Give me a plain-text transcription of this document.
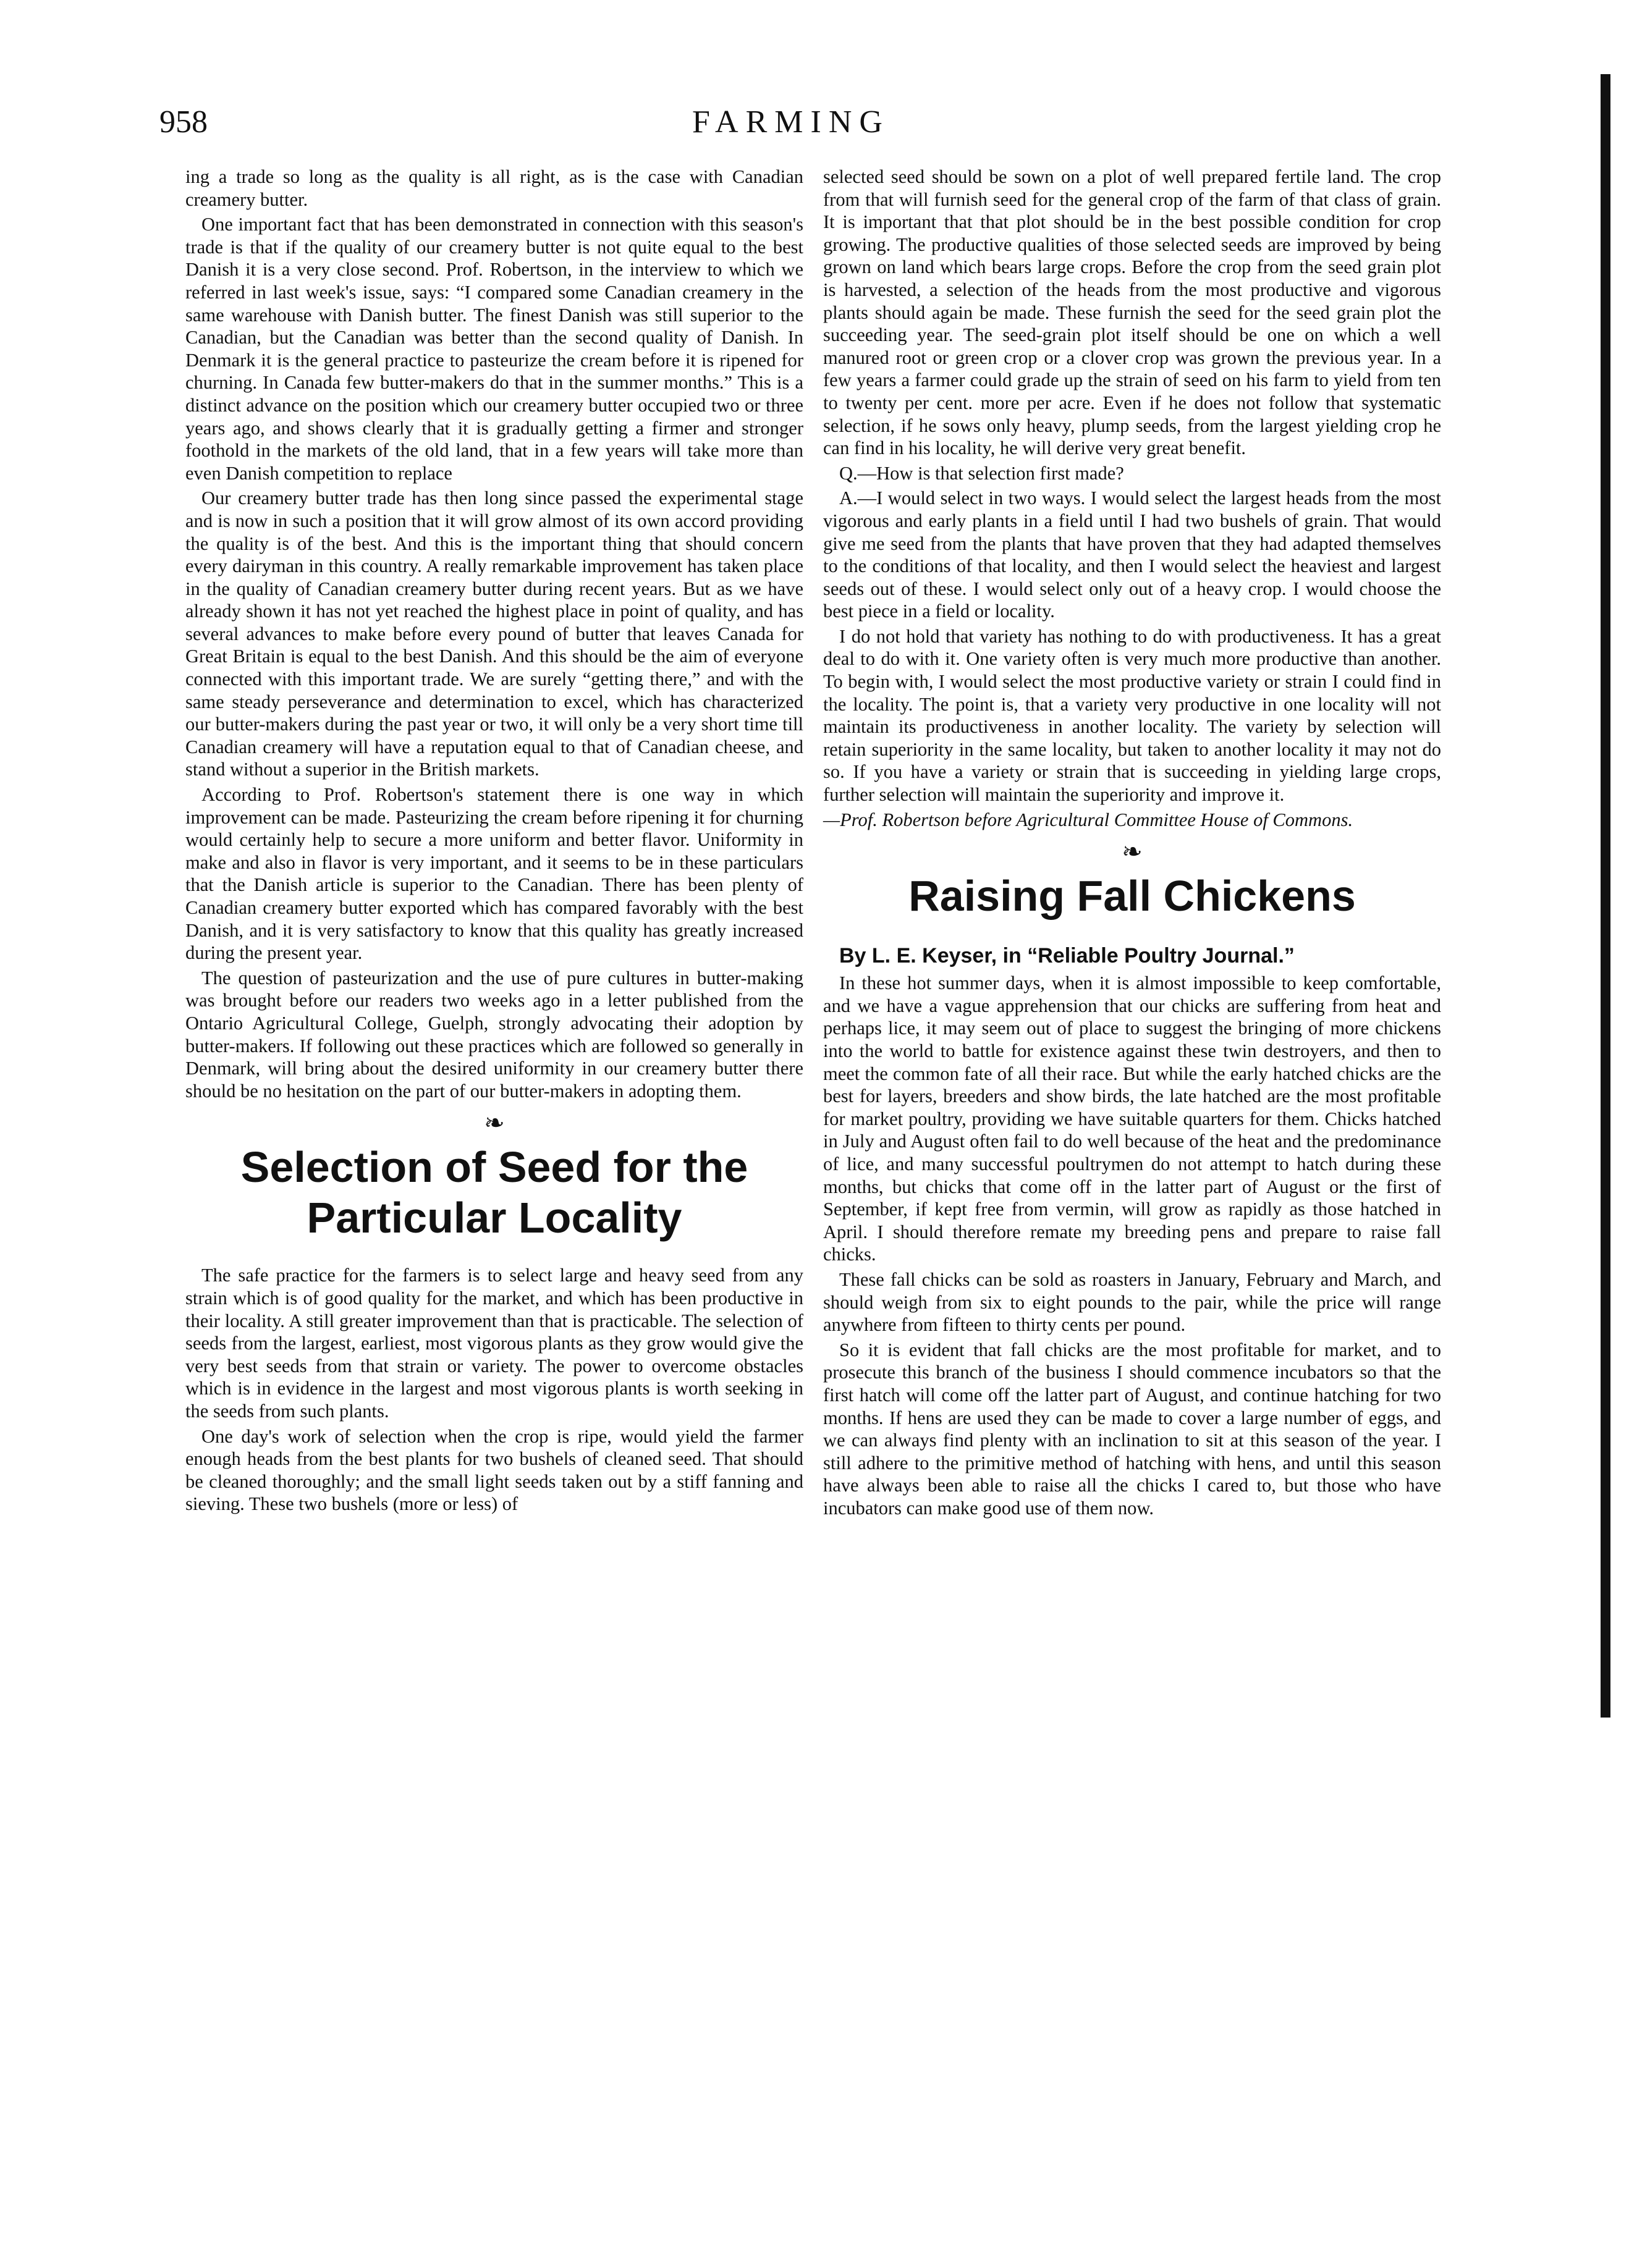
958	FARMING

ing a trade so long as the quality is all right, as is the case with Canadian creamery butter.

One important fact that has been demonstrated in connection with this season's trade is that if the quality of our creamery butter is not quite equal to the best Danish it is a very close second. Prof. Robertson, in the interview to which we referred in last week's issue, says: “I compared some Canadian creamery in the same warehouse with Danish butter. The finest Danish was still superior to the Canadian, but the Canadian was better than the second quality of Danish. In Denmark it is the general practice to pasteurize the cream before it is ripened for churning. In Canada few butter-makers do that in the summer months.” This is a distinct advance on the position which our creamery butter occupied two or three years ago, and shows clearly that it is gradually getting a firmer and stronger foothold in the markets of the old land, that in a few years will take more than even Danish competition to replace

Our creamery butter trade has then long since passed the experimental stage and is now in such a position that it will grow almost of its own accord providing the quality is of the best. And this is the important thing that should concern every dairyman in this country. A really remarkable improvement has taken place in the quality of Canadian creamery butter during recent years. But as we have already shown it has not yet reached the highest place in point of quality, and has several advances to make before every pound of butter that leaves Canada for Great Britain is equal to the best Danish. And this should be the aim of everyone connected with this important trade. We are surely “getting there,” and with the same steady perseverance and determination to excel, which has characterized our butter-makers during the past year or two, it will only be a very short time till Canadian creamery will have a reputation equal to that of Canadian cheese, and stand without a superior in the British markets.

According to Prof. Robertson's statement there is one way in which improvement can be made. Pasteurizing the cream before ripening it for churning would certainly help to secure a more uniform and better flavor. Uniformity in make and also in flavor is very important, and it seems to be in these particulars that the Danish article is superior to the Canadian. There has been plenty of Canadian creamery butter exported which has compared favorably with the best Danish, and it is very satisfactory to know that this quality has greatly increased during the present year.

The question of pasteurization and the use of pure cultures in butter-making was brought before our readers two weeks ago in a letter published from the Ontario Agricultural College, Guelph, strongly advocating their adoption by butter-makers. If following out these practices which are followed so generally in Denmark, will bring about the desired uniformity in our creamery butter there should be no hesitation on the part of our butter-makers in adopting them.

❧
Selection of Seed for the Particular Locality

The safe practice for the farmers is to select large and heavy seed from any strain which is of good quality for the market, and which has been productive in their locality. A still greater improvement than that is practicable. The selection of seeds from the largest, earliest, most vigorous plants as they grow would give the very best seeds from that strain or variety. The power to overcome obstacles which is in evidence in the largest and most vigorous plants is worth seeking in the seeds from such plants.

One day's work of selection when the crop is ripe, would yield the farmer enough heads from the best plants for two bushels of cleaned seed. That should be cleaned thoroughly; and the small light seeds taken out by a stiff fanning and sieving. These two bushels (more or less) of

selected seed should be sown on a plot of well prepared fertile land. The crop from that will furnish seed for the general crop of the farm of that class of grain. It is important that that plot should be in the best possible condition for crop growing. The productive qualities of those selected seeds are improved by being grown on land which bears large crops. Before the crop from the seed grain plot is harvested, a selection of the heads from the most productive and vigorous plants should again be made. These furnish the seed for the seed grain plot the succeeding year. The seed-grain plot itself should be one on which a well manured root or green crop or a clover crop was grown the previous year. In a few years a farmer could grade up the strain of seed on his farm to yield from ten to twenty per cent. more per acre. Even if he does not follow that systematic selection, if he sows only heavy, plump seeds, from the largest yielding crop he can find in his locality, he will derive very great benefit.

Q.—How is that selection first made?

A.—I would select in two ways. I would select the largest heads from the most vigorous and early plants in a field until I had two bushels of grain. That would give me seed from the plants that have proven that they had adapted themselves to the conditions of that locality, and then I would select the heaviest and largest seeds out of these. I would select only out of a heavy crop. I would choose the best piece in a field or locality.

I do not hold that variety has nothing to do with productiveness. It has a great deal to do with it. One variety often is very much more productive than another. To begin with, I would select the most productive variety or strain I could find in the locality. The point is, that a variety very productive in one locality will not maintain its productiveness in another locality. The variety by selection will retain superiority in the same locality, but taken to another locality it may not do so. If you have a variety or strain that is succeeding in yielding large crops, further selection will maintain the superiority and improve it.

—Prof. Robertson before Agricultural Committee House of Commons.

❧
Raising Fall Chickens

By L. E. Keyser, in “Reliable Poultry Journal.”

In these hot summer days, when it is almost impossible to keep comfortable, and we have a vague apprehension that our chicks are suffering from heat and perhaps lice, it may seem out of place to suggest the bringing of more chickens into the world to battle for existence against these twin destroyers, and then to meet the common fate of all their race. But while the early hatched chicks are the best for layers, breeders and show birds, the late hatched are the most profitable for market poultry, providing we have suitable quarters for them. Chicks hatched in July and August often fail to do well because of the heat and the predominance of lice, and many successful poultrymen do not attempt to hatch during these months, but chicks that come off in the latter part of August or the first of September, if kept free from vermin, will grow as rapidly as those hatched in April. I should therefore remate my breeding pens and prepare to raise fall chicks.

These fall chicks can be sold as roasters in January, February and March, and should weigh from six to eight pounds to the pair, while the price will range anywhere from fifteen to thirty cents per pound.

So it is evident that fall chicks are the most profitable for market, and to prosecute this branch of the business I should commence incubators so that the first hatch will come off the latter part of August, and continue hatching for two months. If hens are used they can be made to cover a large number of eggs, and we can always find plenty with an inclination to sit at this season of the year. I still adhere to the primitive method of hatching with hens, and until this season have always been able to raise all the chicks I cared to, but those who have incubators can make good use of them now.
